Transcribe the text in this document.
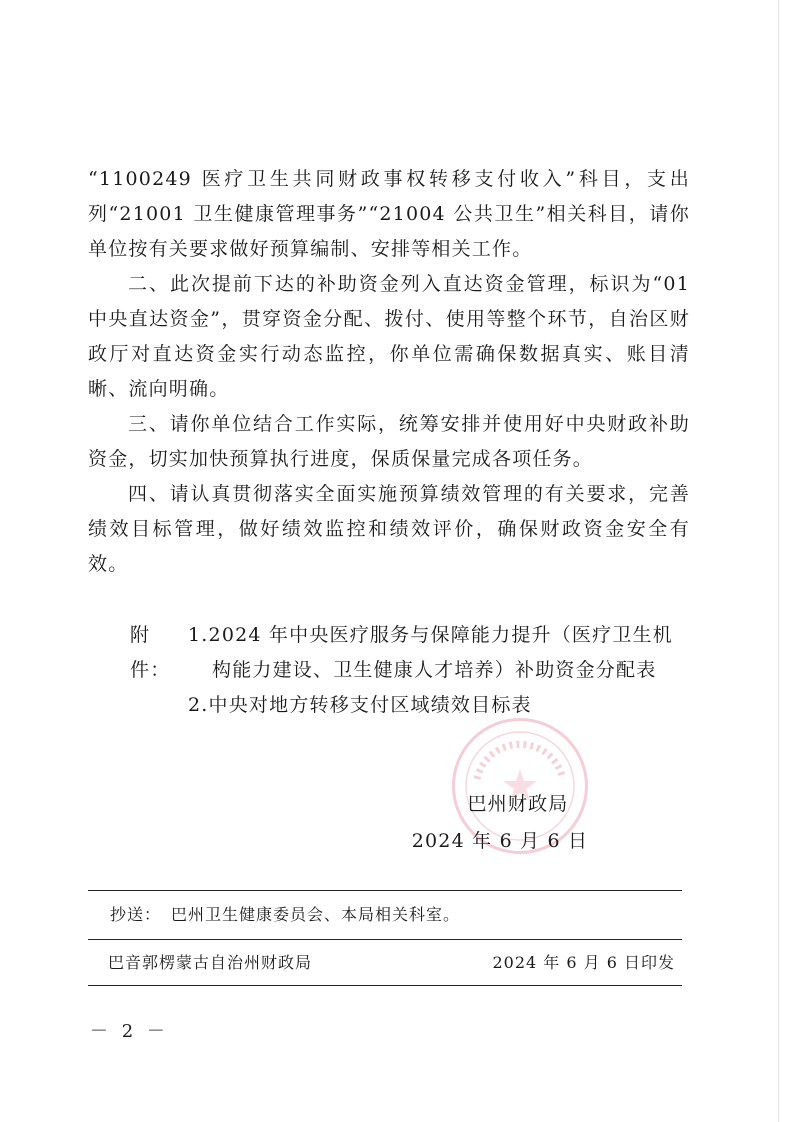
“1100249 医疗卫生共同财政事权转移支付收入”科目，支出列“21001 卫生健康管理事务”“21004 公共卫生”相关科目，请你单位按有关要求做好预算编制、安排等相关工作。

二、此次提前下达的补助资金列入直达资金管理，标识为“01 中央直达资金”，贯穿资金分配、拨付、使用等整个环节，自治区财政厅对直达资金实行动态监控，你单位需确保数据真实、账目清晰、流向明确。

三、请你单位结合工作实际，统筹安排并使用好中央财政补助资金，切实加快预算执行进度，保质保量完成各项任务。

四、请认真贯彻落实全面实施预算绩效管理的有关要求，完善绩效目标管理，做好绩效监控和绩效评价，确保财政资金安全有效。

附件：

1.2024 年中央医疗服务与保障能力提升（医疗卫生机构能力建设、卫生健康人才培养）补助资金分配表

2.中央对地方转移支付区域绩效目标表

巴州财政局
2024 年 6 月 6 日
抄送： 巴州卫生健康委员会、本局相关科室。
巴音郭楞蒙古自治州财政局	2024 年 6 月 6 日印发
－ 2 －
